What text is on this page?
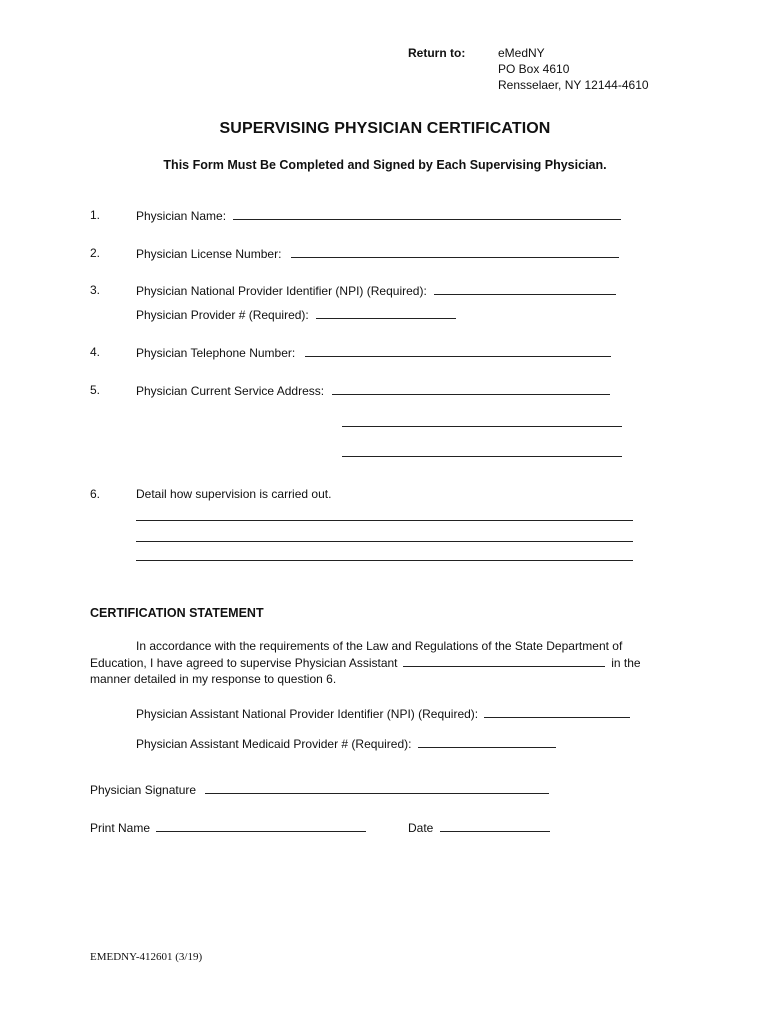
Return to:	eMedNY
PO Box 4610
Rensselaer, NY 12144-4610
SUPERVISING PHYSICIAN CERTIFICATION
This Form Must Be Completed and Signed by Each Supervising Physician.
1.	Physician Name:
2.	Physician License Number:
3.	Physician National Provider Identifier (NPI) (Required):
Physician Provider # (Required):
4.	Physician Telephone Number:
5.	Physician Current Service Address:
6.	Detail how supervision is carried out.
CERTIFICATION STATEMENT
In accordance with the requirements of the Law and Regulations of the State Department of
Education, I have agreed to supervise Physician Assistant	in the
manner detailed in my response to question 6.
Physician Assistant National Provider Identifier (NPI) (Required):
Physician Assistant Medicaid Provider # (Required):
Physician Signature
Print Name	Date
EMEDNY-412601 (3/19)
